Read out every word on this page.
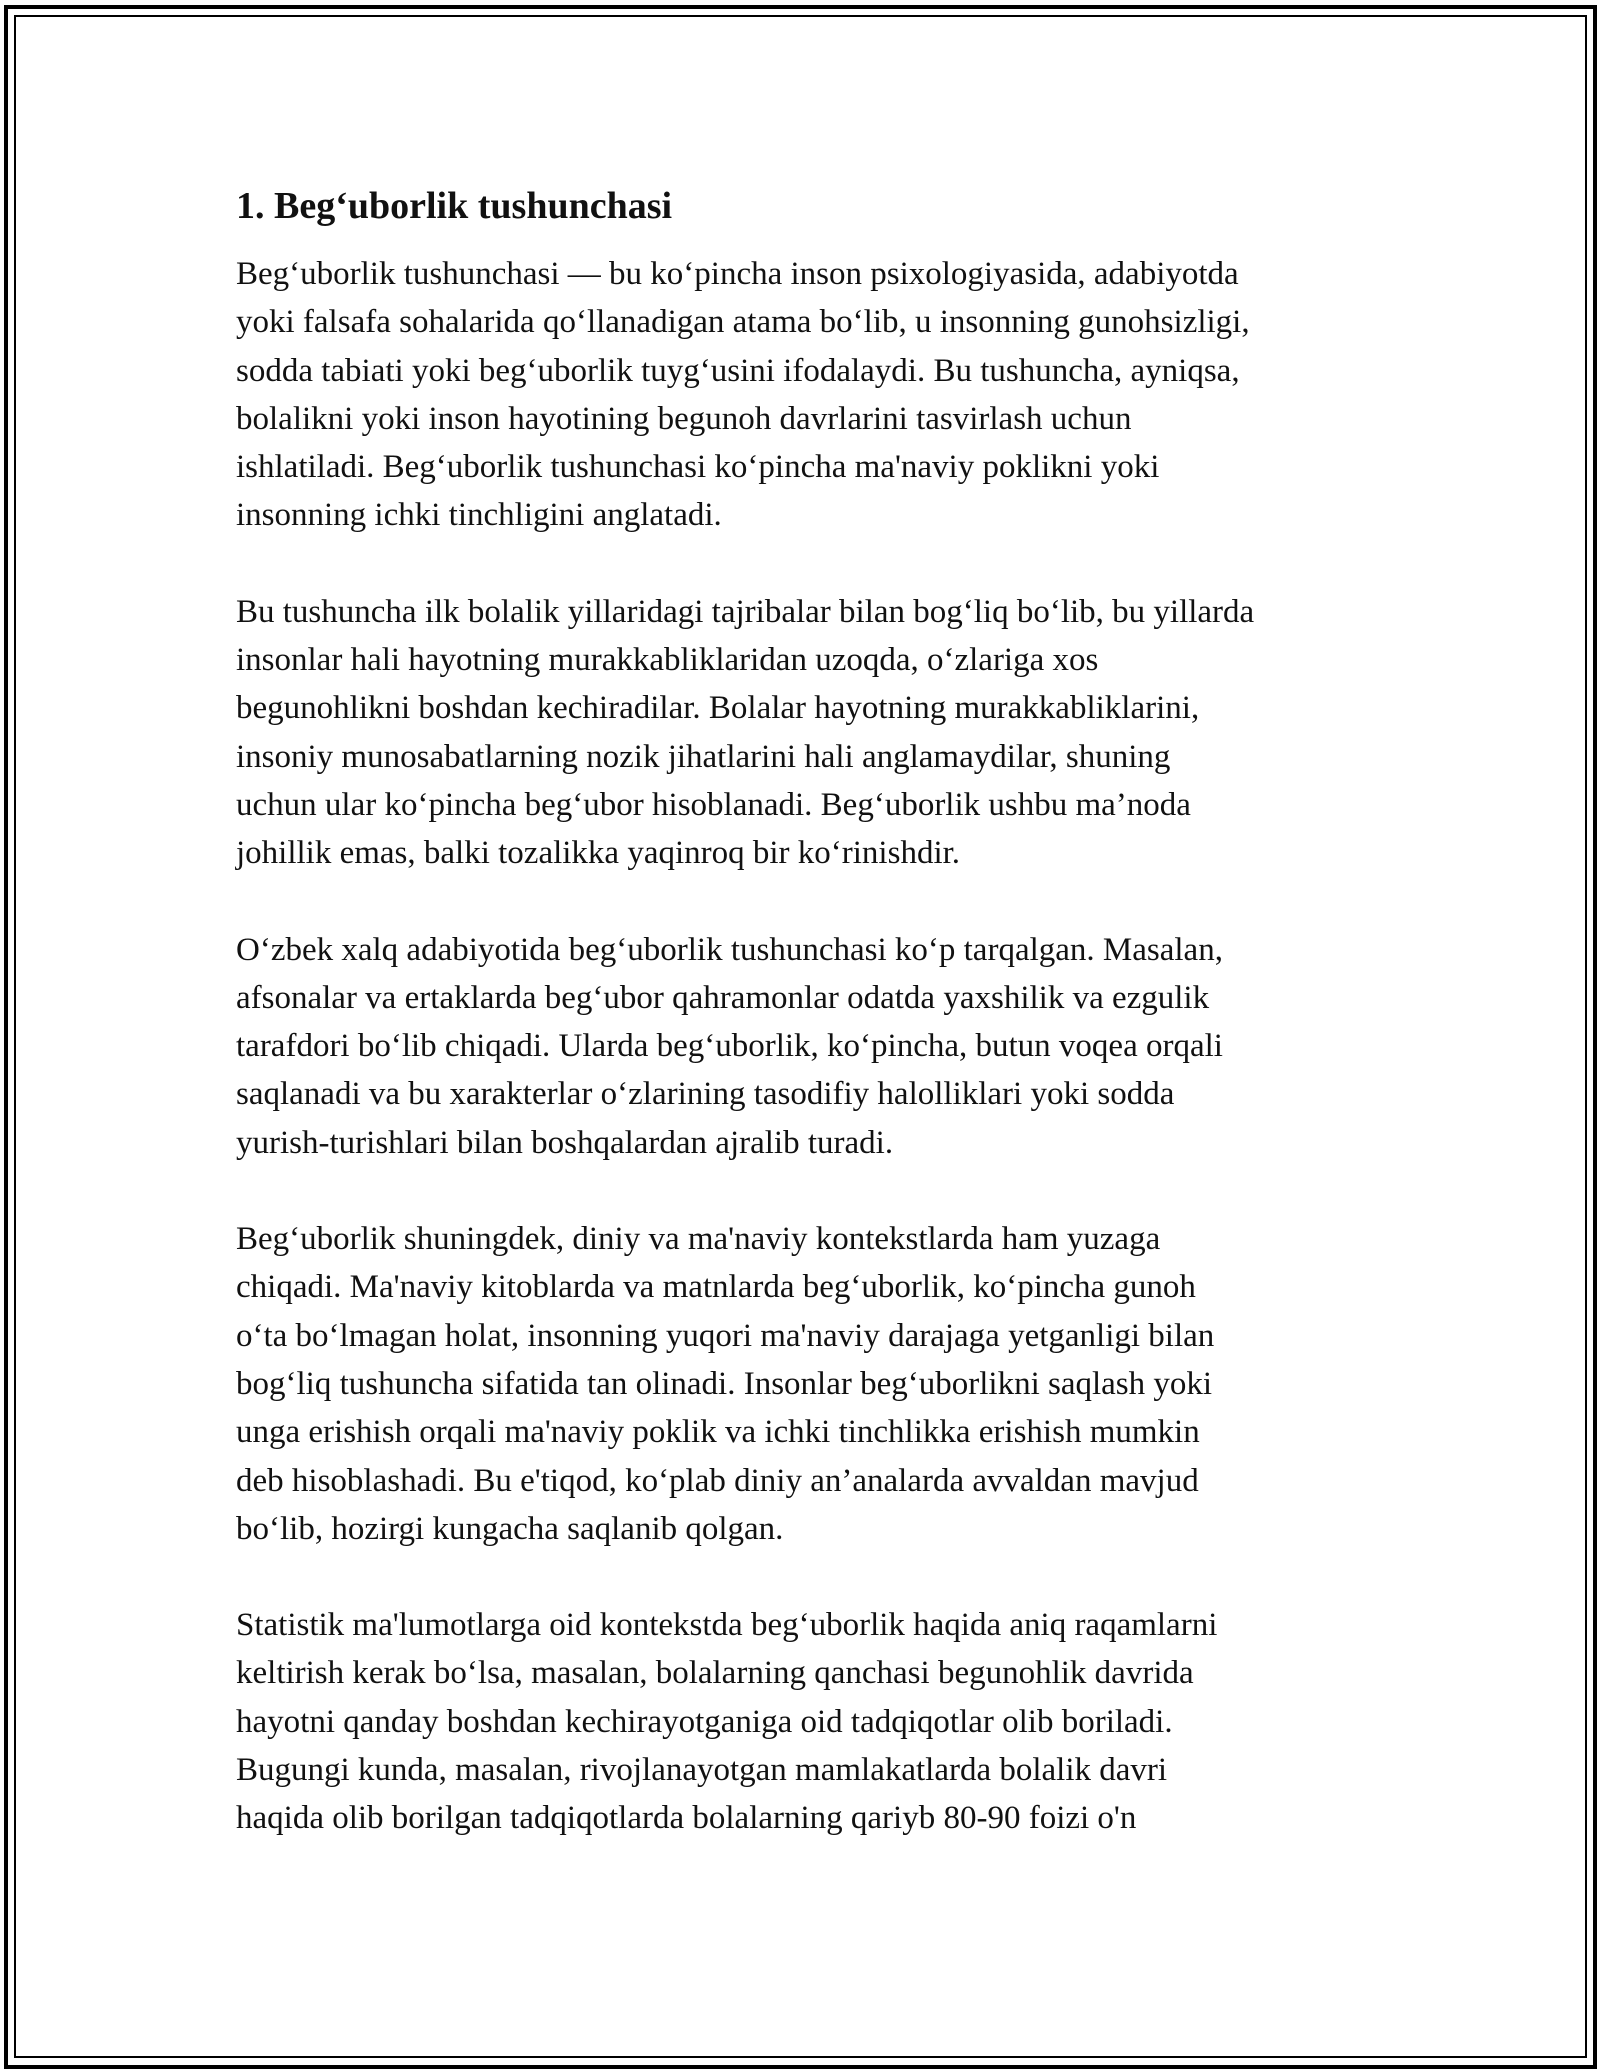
1. Beg‘uborlik tushunchasi
Beg‘uborlik tushunchasi — bu ko‘pincha inson psixologiyasida, adabiyotda
yoki falsafa sohalarida qo‘llanadigan atama bo‘lib, u insonning gunohsizligi,
sodda tabiati yoki beg‘uborlik tuyg‘usini ifodalaydi. Bu tushuncha, ayniqsa,
bolalikni yoki inson hayotining begunoh davrlarini tasvirlash uchun
ishlatiladi. Beg‘uborlik tushunchasi ko‘pincha ma'naviy poklikni yoki
insonning ichki tinchligini anglatadi.
Bu tushuncha ilk bolalik yillaridagi tajribalar bilan bog‘liq bo‘lib, bu yillarda
insonlar hali hayotning murakkabliklaridan uzoqda, o‘zlariga xos
begunohlikni boshdan kechiradilar. Bolalar hayotning murakkabliklarini,
insoniy munosabatlarning nozik jihatlarini hali anglamaydilar, shuning
uchun ular ko‘pincha beg‘ubor hisoblanadi. Beg‘uborlik ushbu ma’noda
johillik emas, balki tozalikka yaqinroq bir ko‘rinishdir.
O‘zbek xalq adabiyotida beg‘uborlik tushunchasi ko‘p tarqalgan. Masalan,
afsonalar va ertaklarda beg‘ubor qahramonlar odatda yaxshilik va ezgulik
tarafdori bo‘lib chiqadi. Ularda beg‘uborlik, ko‘pincha, butun voqea orqali
saqlanadi va bu xarakterlar o‘zlarining tasodifiy halolliklari yoki sodda
yurish-turishlari bilan boshqalardan ajralib turadi.
Beg‘uborlik shuningdek, diniy va ma'naviy kontekstlarda ham yuzaga
chiqadi. Ma'naviy kitoblarda va matnlarda beg‘uborlik, ko‘pincha gunoh
o‘ta bo‘lmagan holat, insonning yuqori ma'naviy darajaga yetganligi bilan
bog‘liq tushuncha sifatida tan olinadi. Insonlar beg‘uborlikni saqlash yoki
unga erishish orqali ma'naviy poklik va ichki tinchlikka erishish mumkin
deb hisoblashadi. Bu e'tiqod, ko‘plab diniy an’analarda avvaldan mavjud
bo‘lib, hozirgi kungacha saqlanib qolgan.
Statistik ma'lumotlarga oid kontekstda beg‘uborlik haqida aniq raqamlarni
keltirish kerak bo‘lsa, masalan, bolalarning qanchasi begunohlik davrida
hayotni qanday boshdan kechirayotganiga oid tadqiqotlar olib boriladi.
Bugungi kunda, masalan, rivojlanayotgan mamlakatlarda bolalik davri
haqida olib borilgan tadqiqotlarda bolalarning qariyb 80-90 foizi o'n
